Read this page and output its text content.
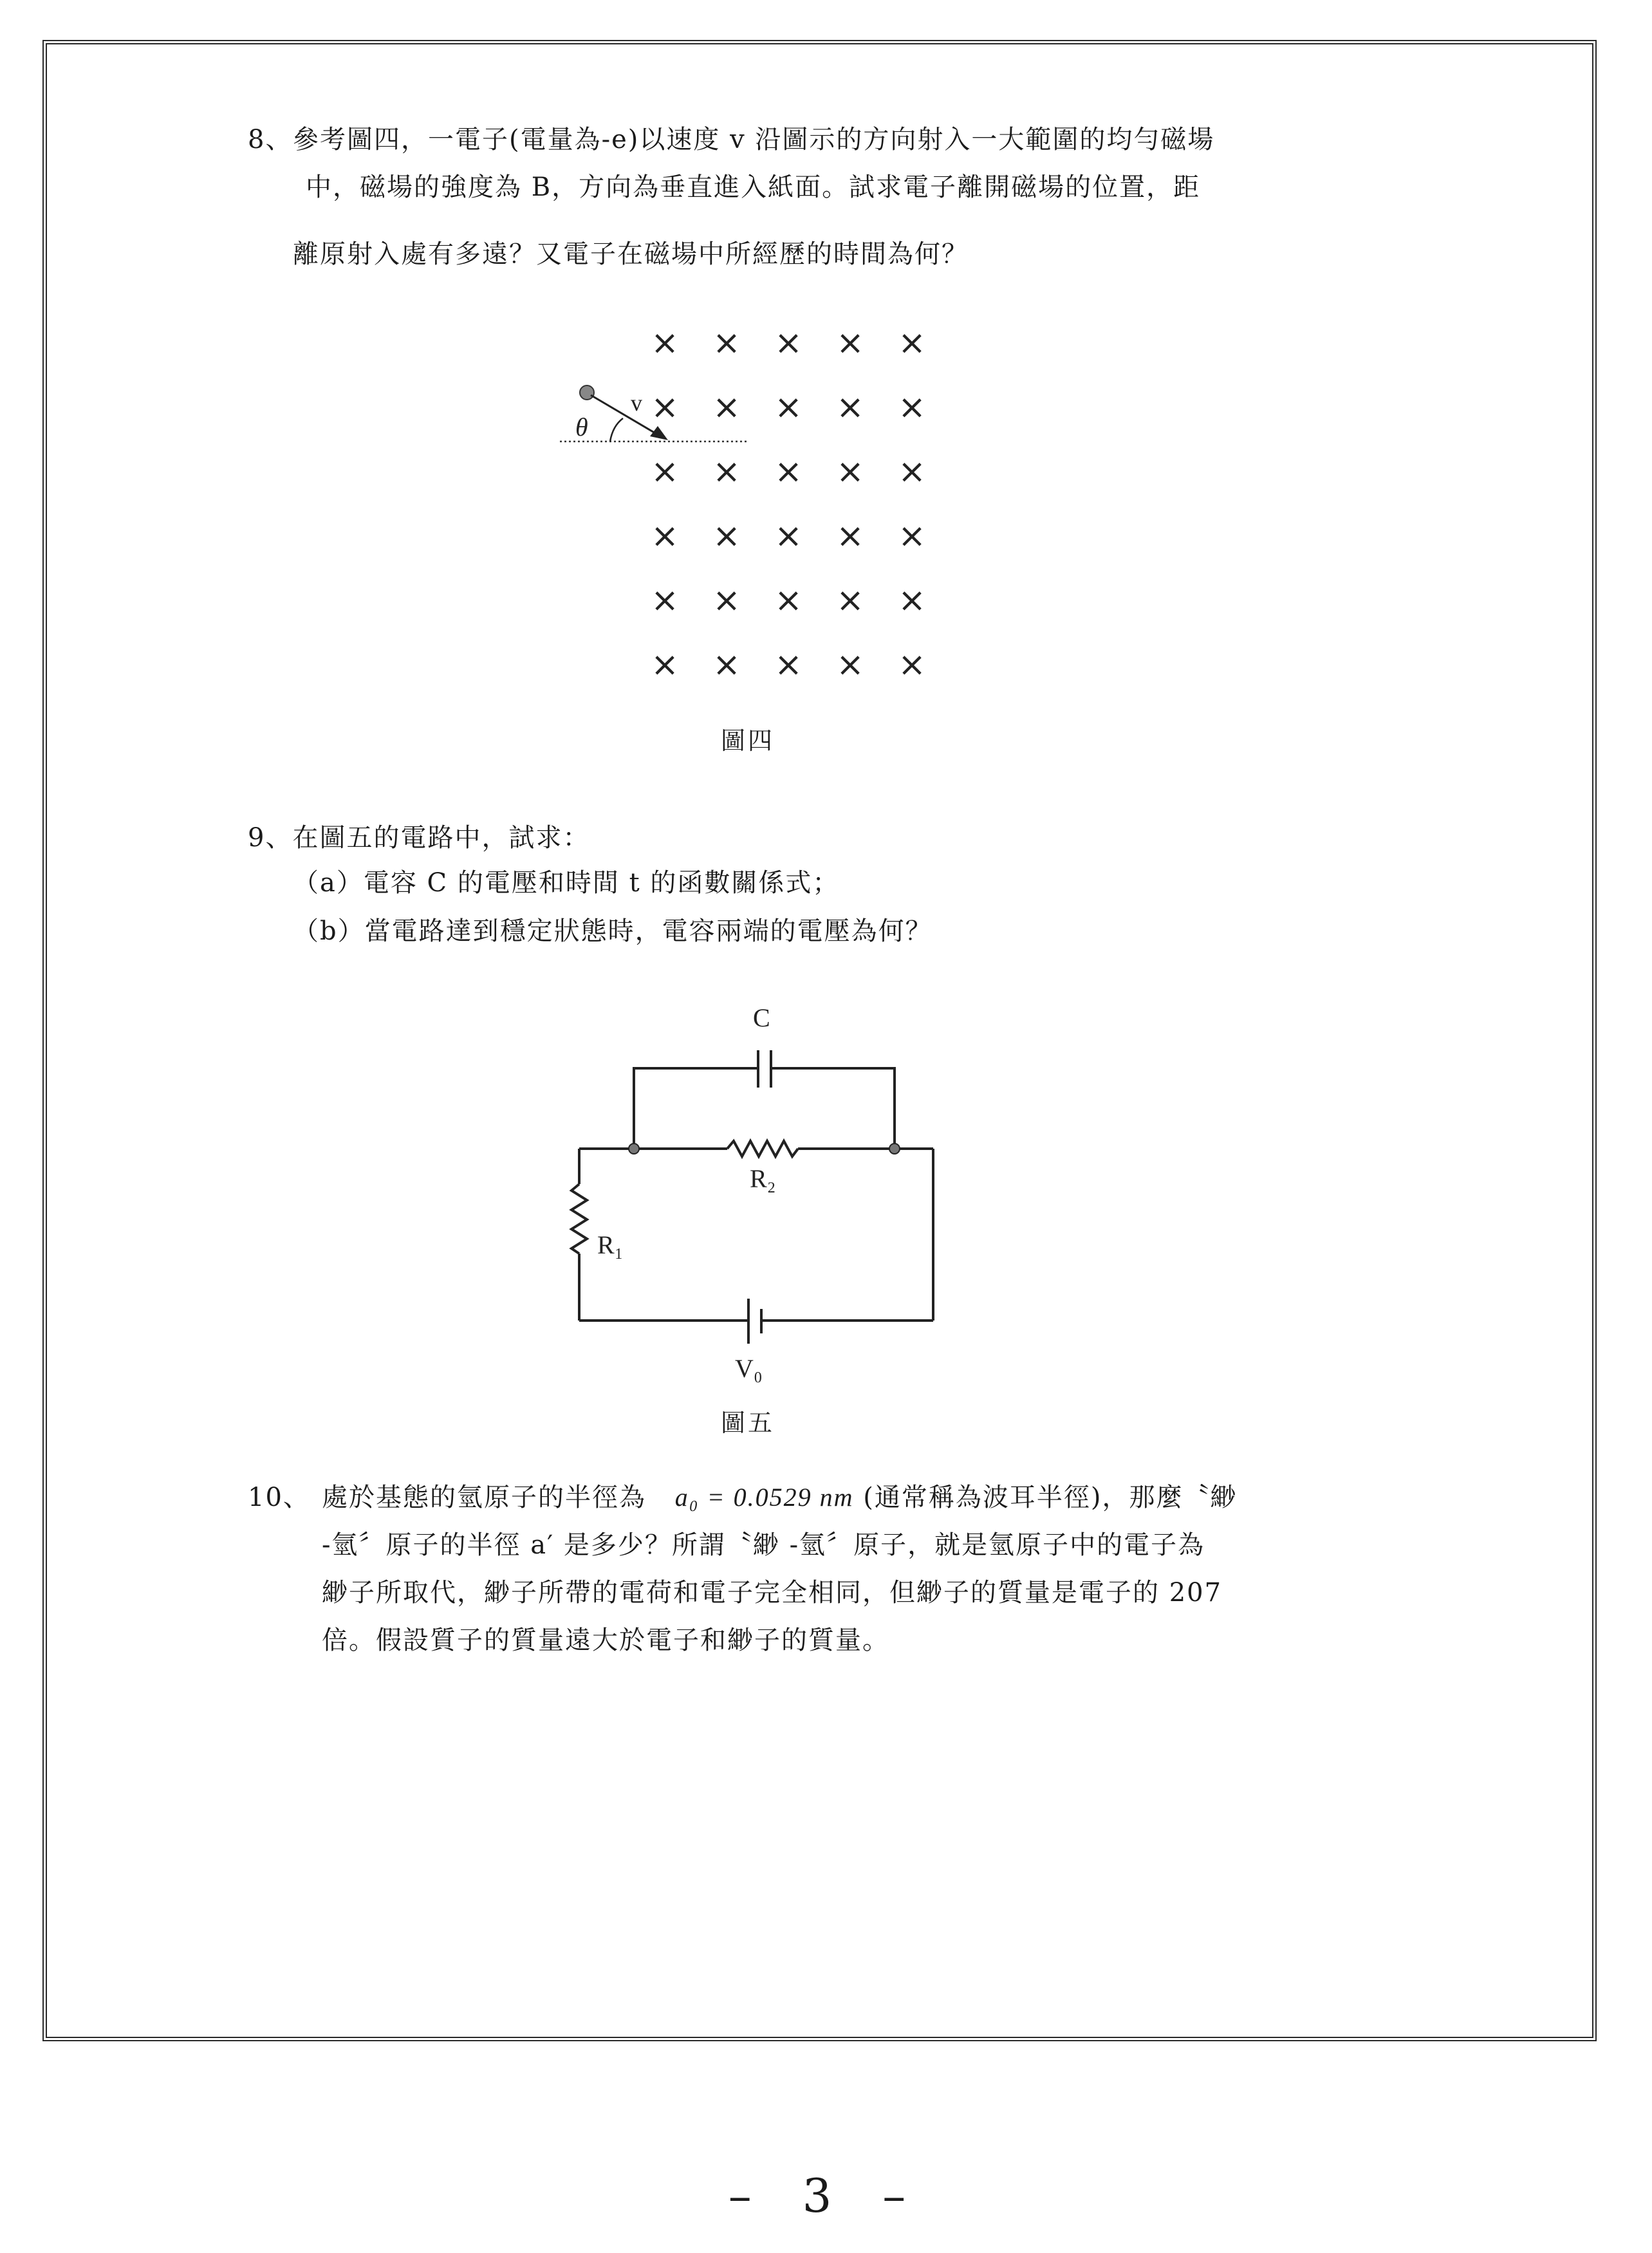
8、 參考圖四，一電子(電量為-e)以速度 v 沿圖示的方向射入一大範圍的均勻磁場
中，磁場的強度為 B，方向為垂直進入紙面。試求電子離開磁場的位置，距
離原射入處有多遠？又電子在磁場中所經歷的時間為何？
× × × × ×
× × × × ×
× × × × ×
× × × × ×
× × × × ×
× × × × ×
v
θ
圖四
9、在圖五的電路中，試求：
（a）電容 C 的電壓和時間 t 的函數關係式；
（b）當電路達到穩定狀態時，電容兩端的電壓為何？
C
R₂
R₁
V₀
圖五
10、 處於基態的氫原子的半徑為 a₀ = 0.0529 nm (通常稱為波耳半徑)，那麼〝緲
-氫〞原子的半徑 a′ 是多少？所謂〝緲 -氫〞原子，就是氫原子中的電子為
緲子所取代，緲子所帶的電荷和電子完全相同，但緲子的質量是電子的 207
倍。假設質子的質量遠大於電子和緲子的質量。
– 3 –
